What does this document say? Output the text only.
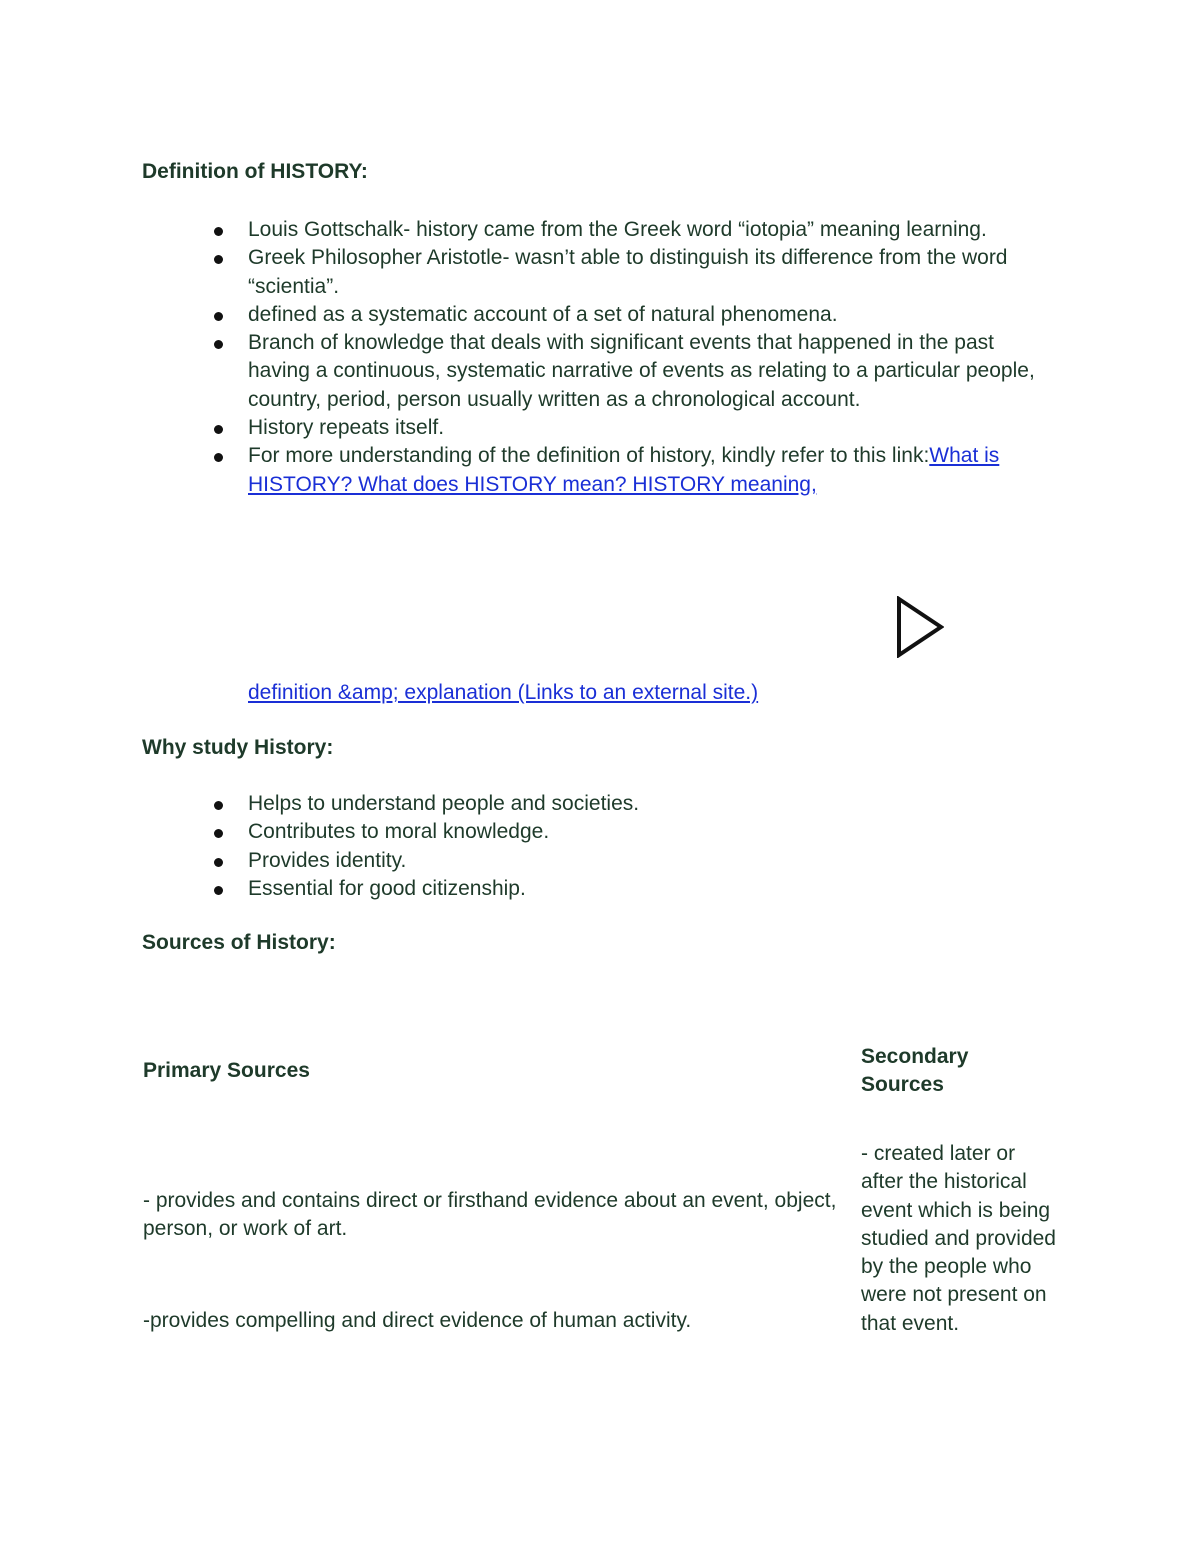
Definition of HISTORY:
Louis Gottschalk- history came from the Greek word “iotopia” meaning learning.
Greek Philosopher Aristotle- wasn’t able to distinguish its difference from the word “scientia”.
defined as a systematic account of a set of natural phenomena.
Branch of knowledge that deals with significant events that happened in the past having a continuous, systematic narrative of events as relating to a particular people, country, period, person usually written as a chronological account.
History repeats itself.
For more understanding of the definition of history, kindly refer to this link:What is HISTORY? What does HISTORY mean? HISTORY meaning,
definition &amp; explanation (Links to an external site.)
Why study History:
Helps to understand people and societies.
Contributes to moral knowledge.
Provides identity.
Essential for good citizenship.
Sources of History:
Primary Sources
Secondary Sources
- provides and contains direct or firsthand evidence about an event, object, person, or work of art.
-provides compelling and direct evidence of human activity.
- created later or after the historical event which is being studied and provided by the people who were not present on that event.
